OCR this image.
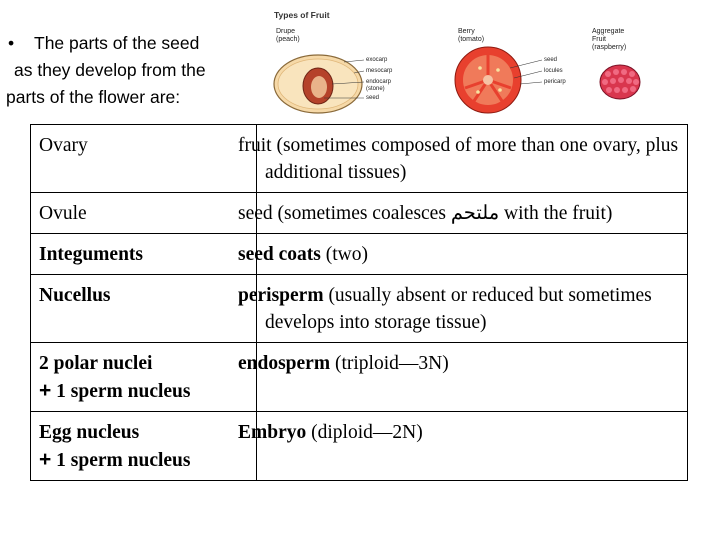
• The parts of the seed
as they develop from the
parts of the flower are:
Types of Fruit
Drupe
(peach)
Berry
(tomato)
Aggregate
Fruit
(raspberry)
exocarp
mesocarp
endocarp
(stone)
seed
seed
locules
pericarp
Ovary	fruit (sometimes composed of more than one ovary, plus additional tissues)
Ovule	seed (sometimes coalesces ملتحم with the fruit)
Integuments	seed coats (two)
Nucellus	perisperm (usually absent or reduced but sometimes develops into storage tissue)

2 polar nuclei
+ 1 sperm nucleus	endosperm (triploid—3N)

Egg nucleus
+ 1 sperm nucleus	Embryo (diploid—2N)
